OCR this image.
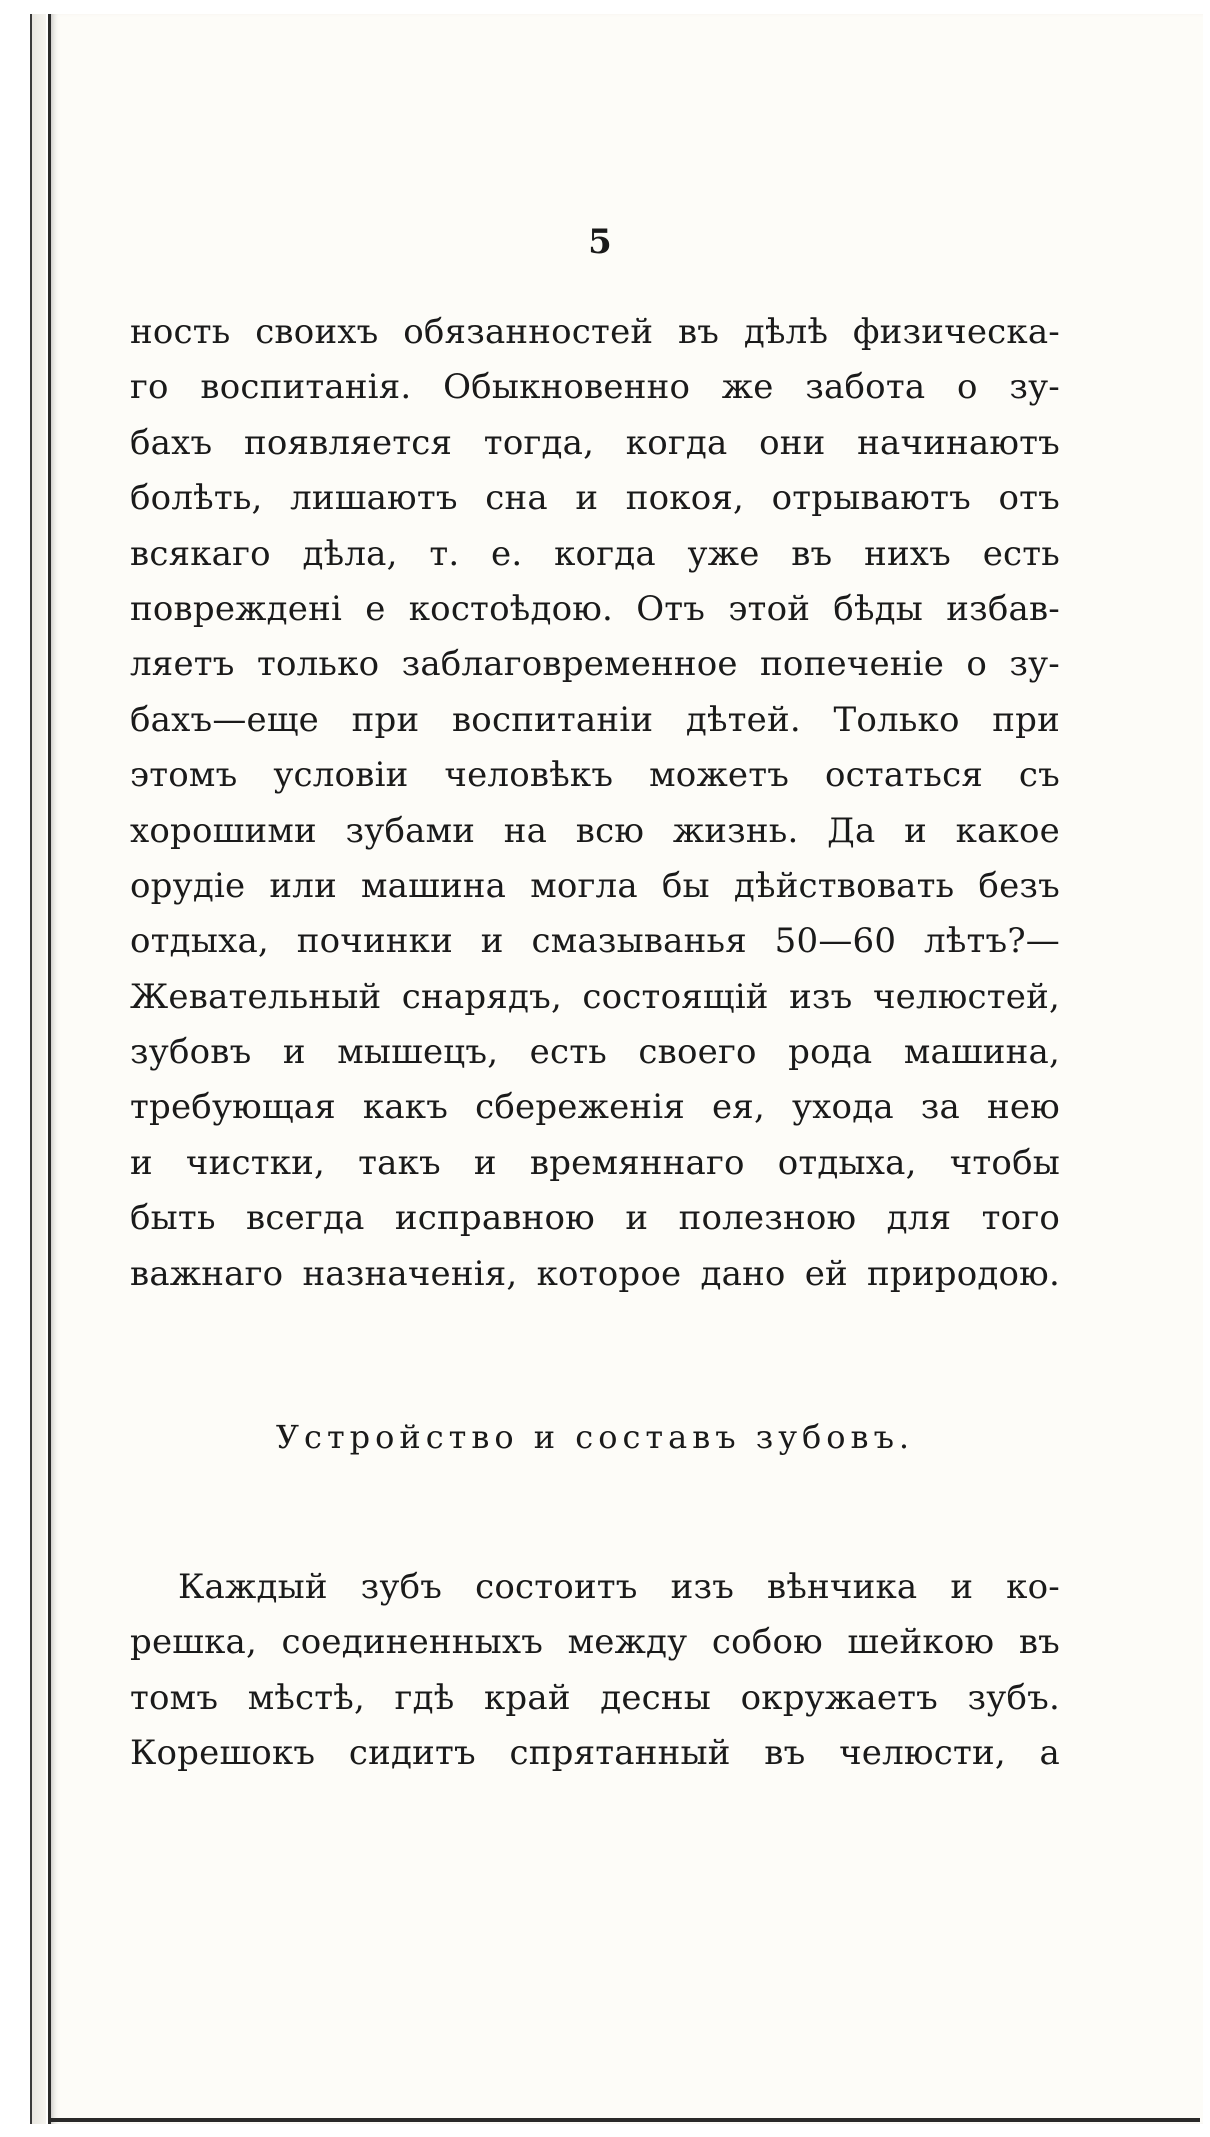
5
ность своихъ обязанностей въ дѣлѣ физическа-
го воспитанія. Обыкновенно же забота о зу-
бахъ появляется тогда, когда они начинаютъ
болѣть, лишаютъ сна и покоя, отрываютъ отъ
всякаго дѣла, т. е. когда уже въ нихъ есть
повреждені е костоѣдою. Отъ этой бѣды избав-
ляетъ только заблаговременное попеченіе о зу-
бахъ—еще при воспитаніи дѣтей. Только при
этомъ условіи человѣкъ можетъ остаться съ
хорошими зубами на всю жизнь. Да и какое
орудіе или машина могла бы дѣйствовать безъ
отдыха, починки и смазыванья 50—60 лѣтъ?—
Жевательный снарядъ, состоящій изъ челюстей,
зубовъ и мышецъ, есть своего рода машина,
требующая какъ сбереженія ея, ухода за нею
и чистки, такъ и времяннаго отдыха, чтобы
быть всегда исправною и полезною для того
важнаго назначенія, которое дано ей природою.
Устройство и составъ зубовъ.
Каждый зубъ состоитъ изъ вѣнчика и ко-
решка, соединенныхъ между собою шейкою въ
томъ мѣстѣ, гдѣ край десны окружаетъ зубъ.
Корешокъ сидитъ спрятанный въ челюсти, а
